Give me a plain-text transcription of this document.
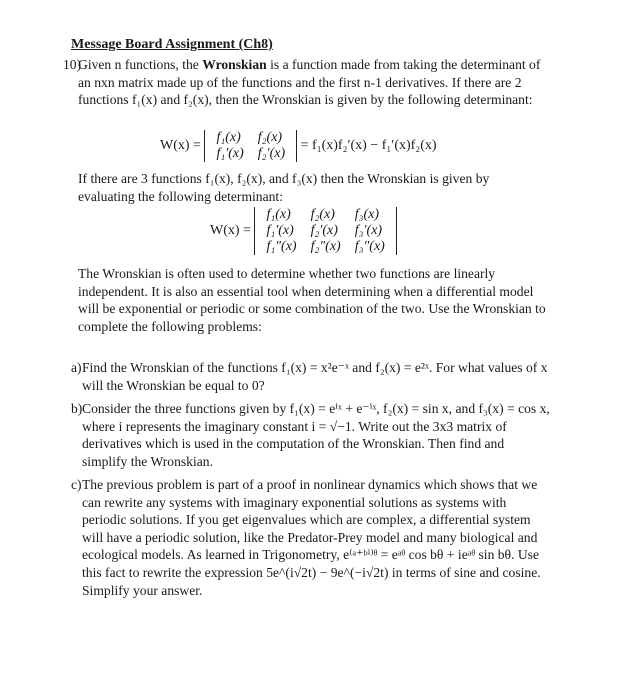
Message Board Assignment (Ch8)
10)
Given n functions, the Wronskian is a function made from taking the determinant of an nxn matrix made up of the functions and the first n-1 derivatives. If there are 2 functions f₁(x) and f₂(x), then the Wronskian is given by the following determinant:
W(x) =
f₁(x)	f₂(x)
f₁′(x)	f₂′(x)
= f₁(x)f₂′(x) − f₁′(x)f₂(x)
If there are 3 functions f₁(x), f₂(x), and f₃(x) then the Wronskian is given by evaluating the following determinant:
W(x) =
f₁(x)	f₂(x)	f₃(x)
f₁′(x)	f₂′(x)	f₃′(x)
f₁″(x)	f₂″(x)	f₃″(x)
The Wronskian is often used to determine whether two functions are linearly independent. It is also an essential tool when determining when a differential model will be exponential or periodic or some combination of the two. Use the Wronskian to complete the following problems:
a) Find the Wronskian of the functions f₁(x) = x²e⁻ˣ and f₂(x) = e²ˣ. For what values of x will the Wronskian be equal to 0?
b) Consider the three functions given by f₁(x) = eⁱˣ + e⁻ⁱˣ, f₂(x) = sin x, and f₃(x) = cos x, where i represents the imaginary constant i = √−1. Write out the 3x3 matrix of derivatives which is used in the computation of the Wronskian. Then find and simplify the Wronskian.
c) The previous problem is part of a proof in nonlinear dynamics which shows that we can rewrite any systems with imaginary exponential solutions as systems with periodic solutions. If you get eigenvalues which are complex, a differential system will have a periodic solution, like the Predator-Prey model and many biological and ecological models. As learned in Trigonometry, e⁽ᵃ⁺ᵇⁱ⁾ᶿ = eᵃᶿ cos bθ + ieᵃᶿ sin bθ. Use this fact to rewrite the expression 5e^(i√2t) − 9e^(−i√2t) in terms of sine and cosine. Simplify your answer.
